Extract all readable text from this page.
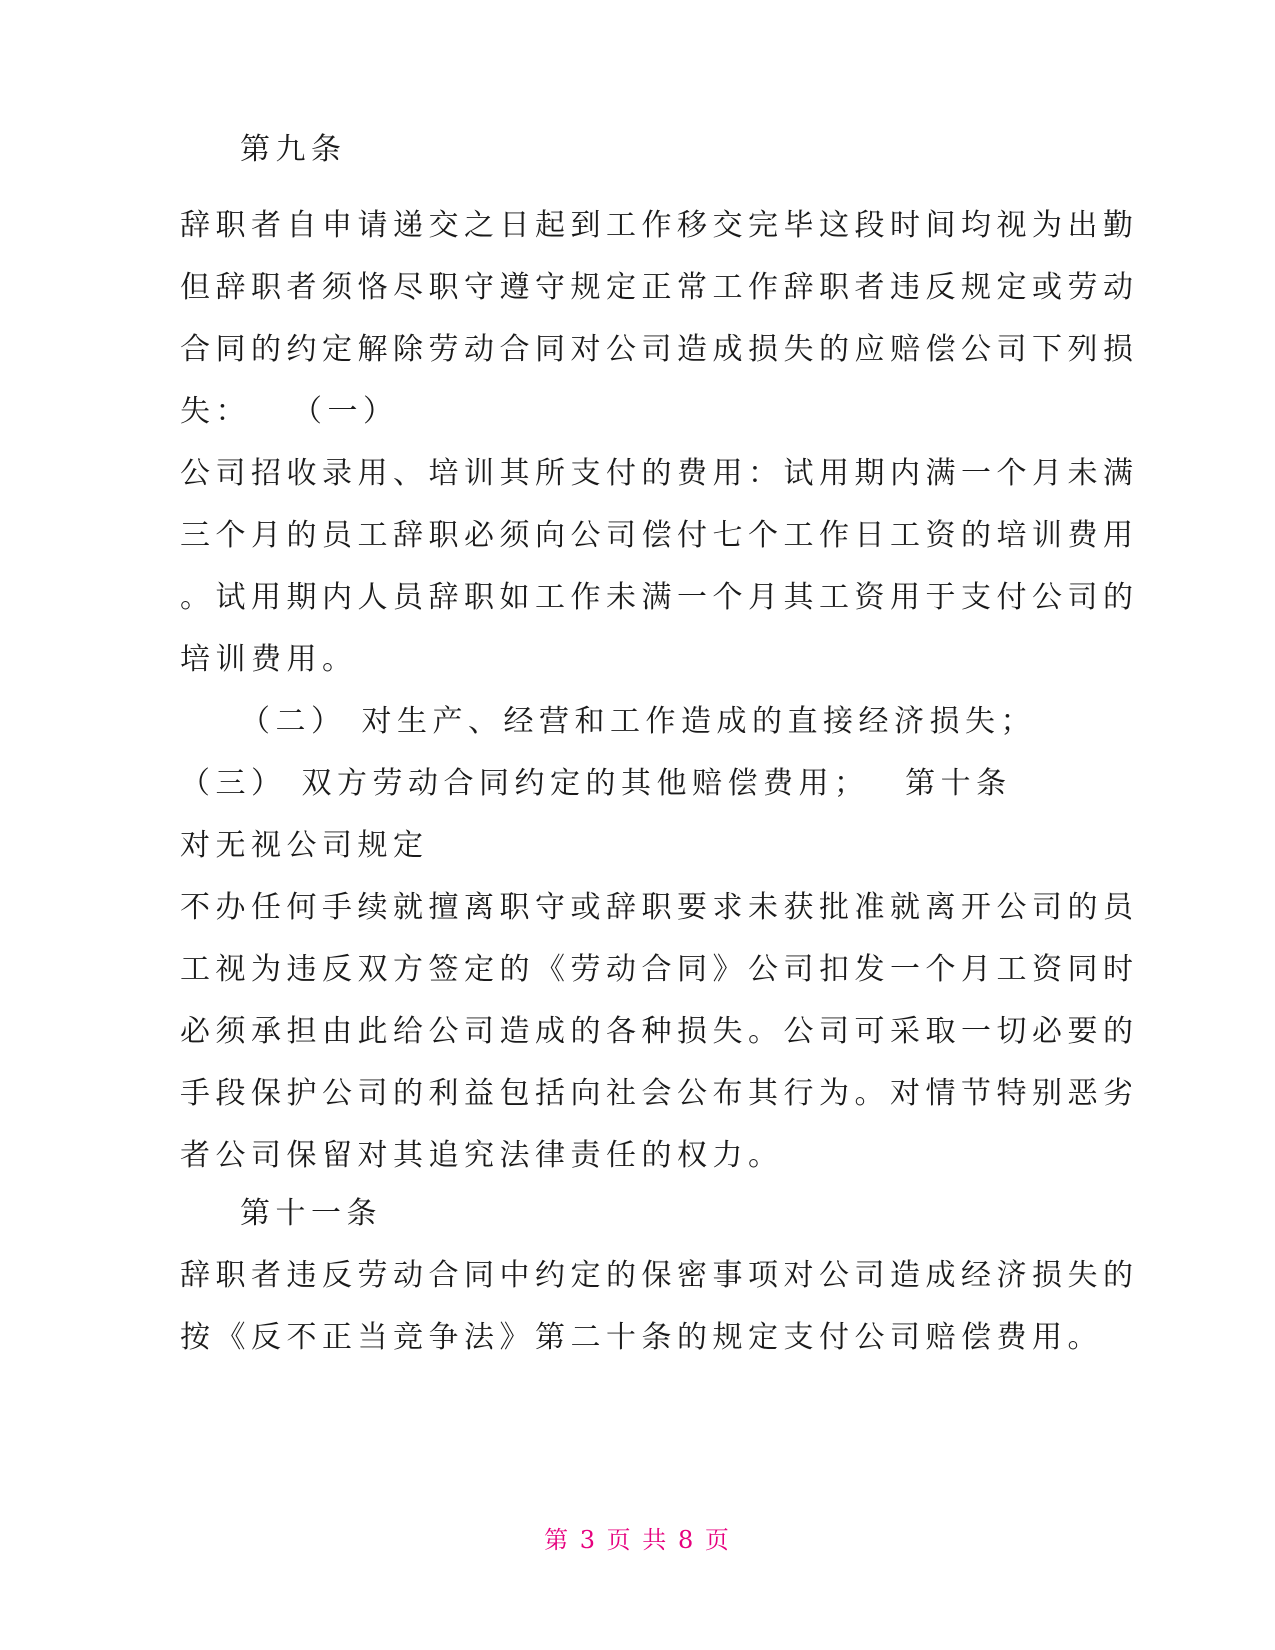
第九条
辞职者自申请递交之日起到工作移交完毕这段时间均视为出勤
但辞职者须恪尽职守遵守规定正常工作辞职者违反规定或劳动
合同的约定解除劳动合同对公司造成损失的应赔偿公司下列损
失：　　（一）
公司招收录用、培训其所支付的费用：试用期内满一个月未满
三个月的员工辞职必须向公司偿付七个工作日工资的培训费用
。试用期内人员辞职如工作未满一个月其工资用于支付公司的
培训费用。
（二） 对生产、经营和工作造成的直接经济损失；
（三） 双方劳动合同约定的其他赔偿费用；　 第十条
对无视公司规定
不办任何手续就擅离职守或辞职要求未获批准就离开公司的员
工视为违反双方签定的《劳动合同》公司扣发一个月工资同时
必须承担由此给公司造成的各种损失。公司可采取一切必要的
手段保护公司的利益包括向社会公布其行为。对情节特别恶劣
者公司保留对其追究法律责任的权力。
第十一条
辞职者违反劳动合同中约定的保密事项对公司造成经济损失的
按《反不正当竞争法》第二十条的规定支付公司赔偿费用。
第 3 页 共 8 页
